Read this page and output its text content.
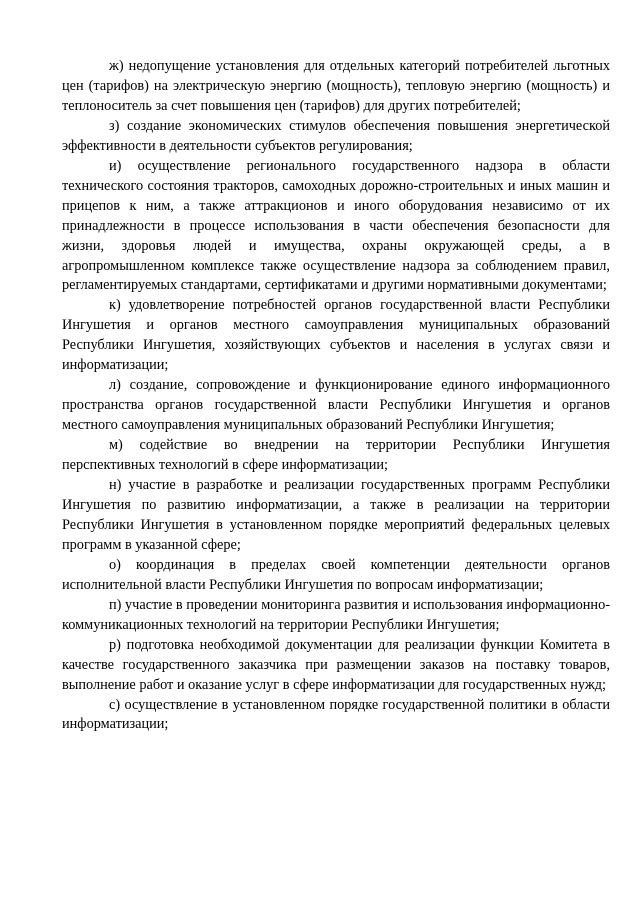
ж) недопущение установления для отдельных категорий потребителей льготных цен (тарифов) на электрическую энергию (мощность), тепловую энергию (мощность) и теплоноситель за счет повышения цен (тарифов) для других потребителей;

з) создание экономических стимулов обеспечения повышения энергетической эффективности в деятельности субъектов регулирования;

и) осуществление регионального государственного надзора в области технического состояния тракторов, самоходных дорожно-строительных и иных машин и прицепов к ним, а также аттракционов и иного оборудования независимо от их принадлежности в процессе использования в части обеспечения безопасности для жизни, здоровья людей и имущества, охраны окружающей среды, а в агропромышленном комплексе также осуществление надзора за соблюдением правил, регламентируемых стандартами, сертификатами и другими нормативными документами;

к) удовлетворение потребностей органов государственной власти Республики Ингушетия и органов местного самоуправления муниципальных образований Республики Ингушетия, хозяйствующих субъектов и населения в услугах связи и информатизации;

л) создание, сопровождение и функционирование единого информационного пространства органов государственной власти Республики Ингушетия и органов местного самоуправления муниципальных образований Республики Ингушетия;

м) содействие во внедрении на территории Республики Ингушетия перспективных технологий в сфере информатизации;

н) участие в разработке и реализации государственных программ Республики Ингушетия по развитию информатизации, а также в реализации на территории Республики Ингушетия в установленном порядке мероприятий федеральных целевых программ в указанной сфере;

о) координация в пределах своей компетенции деятельности органов исполнительной власти Республики Ингушетия по вопросам информатизации;

п) участие в проведении мониторинга развития и использования информационно-коммуникационных технологий на территории Республики Ингушетия;

р) подготовка необходимой документации для реализации функции Комитета в качестве государственного заказчика при размещении заказов на поставку товаров, выполнение работ и оказание услуг в сфере информатизации для государственных нужд;

с) осуществление в установленном порядке государственной политики в области информатизации;
